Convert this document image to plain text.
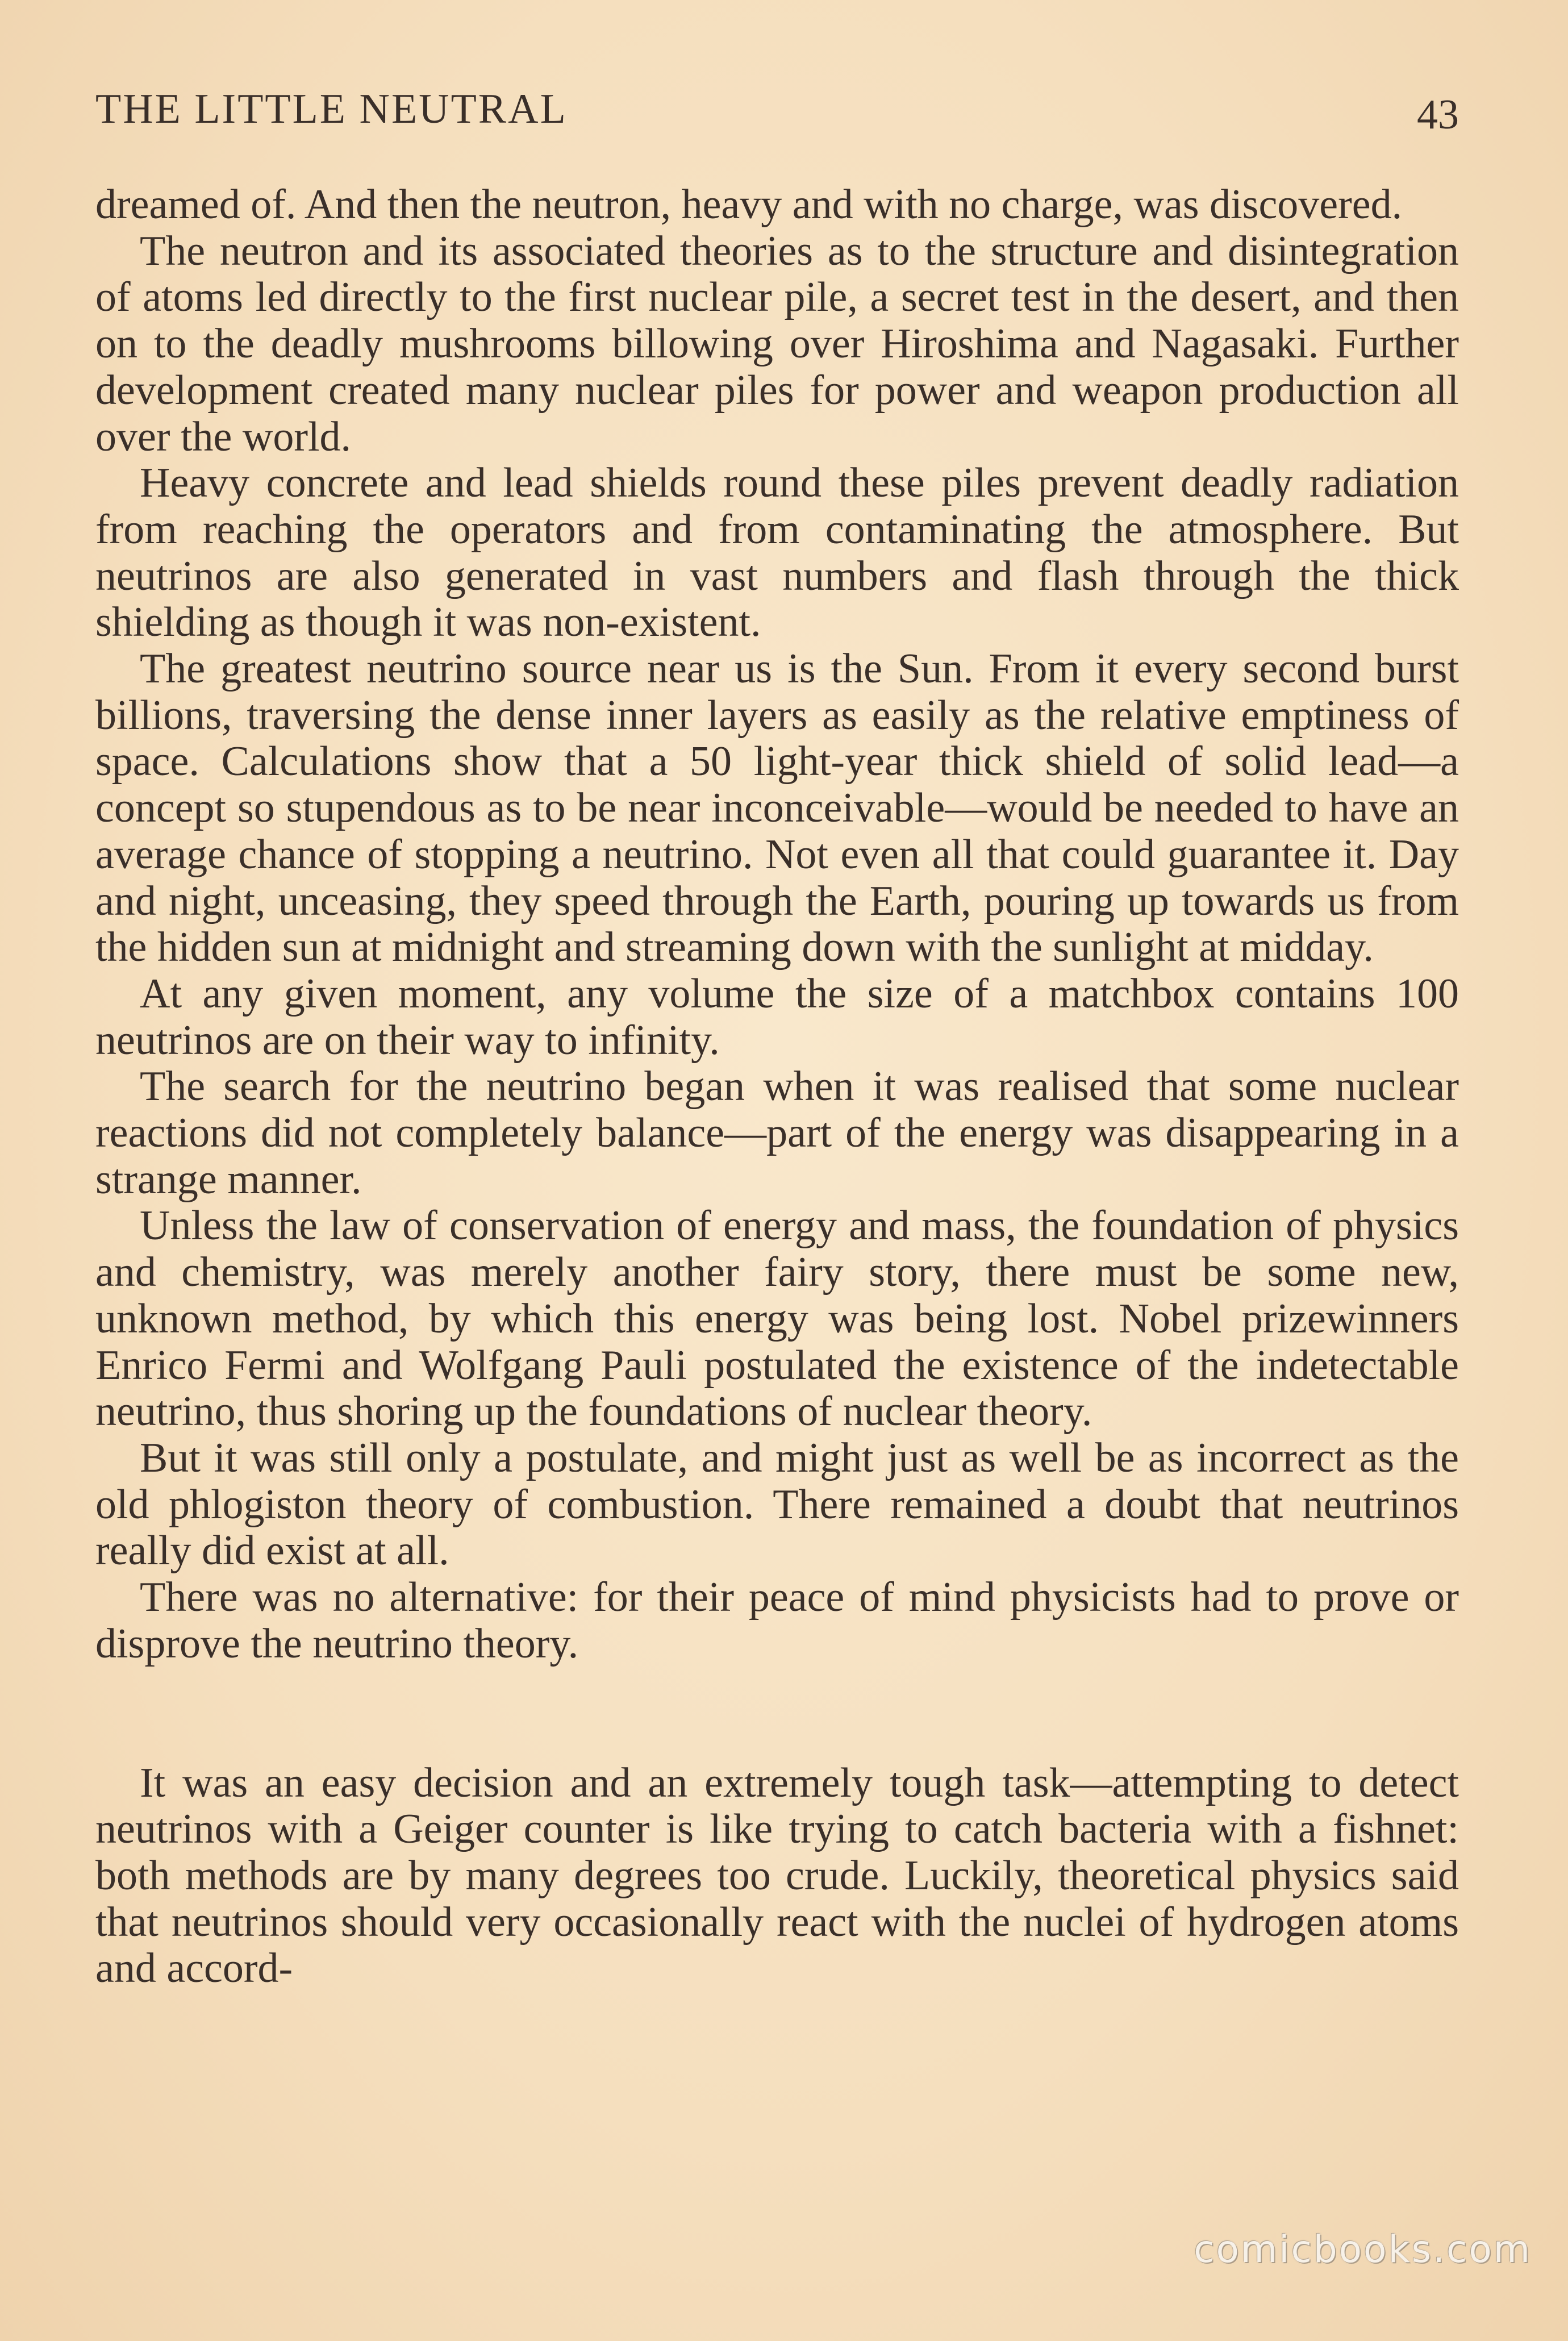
THE LITTLE NEUTRAL	43

dreamed of. And then the neutron, heavy and with no charge, was discovered.

The neutron and its associated theories as to the structure and disintegration of atoms led directly to the first nuclear pile, a secret test in the desert, and then on to the deadly mushrooms billowing over Hiroshima and Nagasaki. Further development created many nuclear piles for power and weapon production all over the world.

Heavy concrete and lead shields round these piles prevent deadly radiation from reaching the operators and from contaminating the atmosphere. But neutrinos are also generated in vast numbers and flash through the thick shielding as though it was non-existent.

The greatest neutrino source near us is the Sun. From it every second burst billions, traversing the dense inner layers as easily as the relative emptiness of space. Calculations show that a 50 light-year thick shield of solid lead—a concept so stupendous as to be near inconceivable—would be needed to have an average chance of stopping a neutrino. Not even all that could guarantee it. Day and night, unceasing, they speed through the Earth, pouring up towards us from the hidden sun at midnight and streaming down with the sunlight at midday.

At any given moment, any volume the size of a matchbox contains 100 neutrinos are on their way to infinity.

The search for the neutrino began when it was realised that some nuclear reactions did not completely balance—part of the energy was disappearing in a strange manner.

Unless the law of conservation of energy and mass, the foundation of physics and chemistry, was merely another fairy story, there must be some new, unknown method, by which this energy was being lost. Nobel prizewinners Enrico Fermi and Wolfgang Pauli postulated the existence of the indetectable neutrino, thus shoring up the foundations of nuclear theory.

But it was still only a postulate, and might just as well be as incorrect as the old phlogiston theory of combustion. There remained a doubt that neutrinos really did exist at all.

There was no alternative: for their peace of mind physicists had to prove or disprove the neutrino theory.

It was an easy decision and an extremely tough task—attempting to detect neutrinos with a Geiger counter is like trying to catch bacteria with a fishnet: both methods are by many degrees too crude. Luckily, theoretical physics said that neutrinos should very occasionally react with the nuclei of hydrogen atoms and accord-

comicbooks.com
